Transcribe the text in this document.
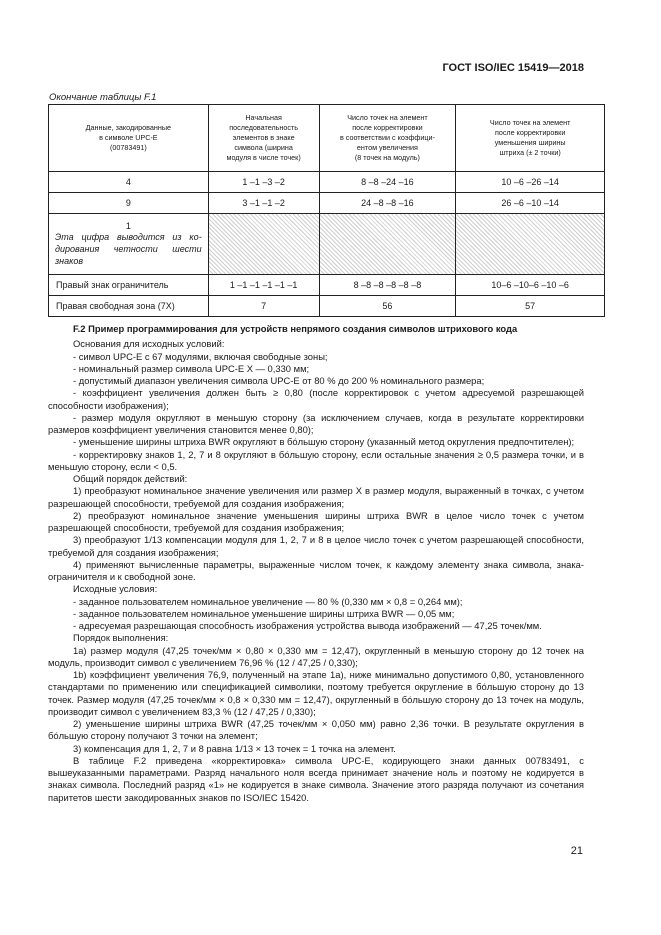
ГОСТ ISO/IEC 15419—2018
Окончание таблицы F.1
Данные, закодированные
в символе UPC-E
(00783491)	Начальная
последовательность
элементов в знаке
символа (ширина
модуля в числе точек)	Число точек на элемент
после корректировки
в соответствии с коэффици-
ентом увеличения
(8 точек на модуль)	Число точек на элемент
после корректировки
уменьшения ширины
штриха (± 2 точки)

4	1 –1 –3 –2	8 –8 –24 –16	10 –6 –26 –14
9	3 –1 –1 –2	24 –8 –8 –16	26 –6 –10 –14

1
Эта цифра выводится из ко-
дирования четности шести
знаков			

Правый знак ограничитель	1 –1 –1 –1 –1 –1	8 –8 –8 –8 –8 –8	10–6 –10–6 –10 –6
Правая свободная зона (7X)	7	56	57

F.2 Пример программирования для устройств непрямого создания символов штрихового кода

Основания для исходных условий:

- символ UPC-E с 67 модулями, включая свободные зоны;

- номинальный размер символа UPC-E X — 0,330 мм;

- допустимый диапазон увеличения символа UPC-E от 80 % до 200 % номинального размера;

- коэффициент увеличения должен быть ≥ 0,80 (после корректировок с учетом адресуемой разрешающей способности изображения);

- размер модуля округляют в меньшую сторону (за исключением случаев, когда в результате корректировки размеров коэффициент увеличения становится менее 0,80);

- уменьшение ширины штриха BWR округляют в бóльшую сторону (указанный метод округления предпочтителен);

- корректировку знаков 1, 2, 7 и 8 округляют в бóльшую сторону, если остальные значения ≥ 0,5 размера точки, и в меньшую сторону, если < 0,5.

Общий порядок действий:

1) преобразуют номинальное значение увеличения или размер X в размер модуля, выраженный в точках, с учетом разрешающей способности, требуемой для создания изображения;

2) преобразуют номинальное значение уменьшения ширины штриха BWR в целое число точек с учетом разрешающей способности, требуемой для создания изображения;

3) преобразуют 1/13 компенсации модуля для 1, 2, 7 и 8 в целое число точек с учетом разрешающей способности, требуемой для создания изображения;

4) применяют вычисленные параметры, выраженные числом точек, к каждому элементу знака символа, знака-ограничителя и к свободной зоне.

Исходные условия:

- заданное пользователем номинальное увеличение — 80 % (0,330 мм × 0,8 = 0,264 мм);

- заданное пользователем номинальное уменьшение ширины штриха BWR — 0,05 мм;

- адресуемая разрешающая способность изображения устройства вывода изображений — 47,25 точек/мм.

Порядок выполнения:

1a) размер модуля (47,25 точек/мм × 0,80 × 0,330 мм = 12,47), округленный в меньшую сторону до 12 точек на модуль, производит символ с увеличением 76,96 % (12 / 47,25 / 0,330);

1b) коэффициент увеличения 76,9, полученный на этапе 1a), ниже минимально допустимого 0,80, установленного стандартами по применению или спецификацией символики, поэтому требуется округление в бóльшую сторону до 13 точек. Размер модуля (47,25 точек/мм × 0,8 × 0,330 мм = 12,47), округленный в бóльшую сторону до 13 точек на модуль, производит символ с увеличением 83,3 % (12 / 47,25 / 0,330);

2) уменьшение ширины штриха BWR (47,25 точек/мм × 0,050 мм) равно 2,36 точки. В результате округления в бóльшую сторону получают 3 точки на элемент;

3) компенсация для 1, 2, 7 и 8 равна 1/13 × 13 точек = 1 точка на элемент.

В таблице F.2 приведена «корректировка» символа UPC-E, кодирующего знаки данных 00783491, с вышеуказанными параметрами. Разряд начального ноля всегда принимает значение ноль и поэтому не кодируется в знаках символа. Последний разряд «1» не кодируется в знаке символа. Значение этого разряда получают из сочетания паритетов шести закодированных знаков по ISO/IEC 15420.

21
